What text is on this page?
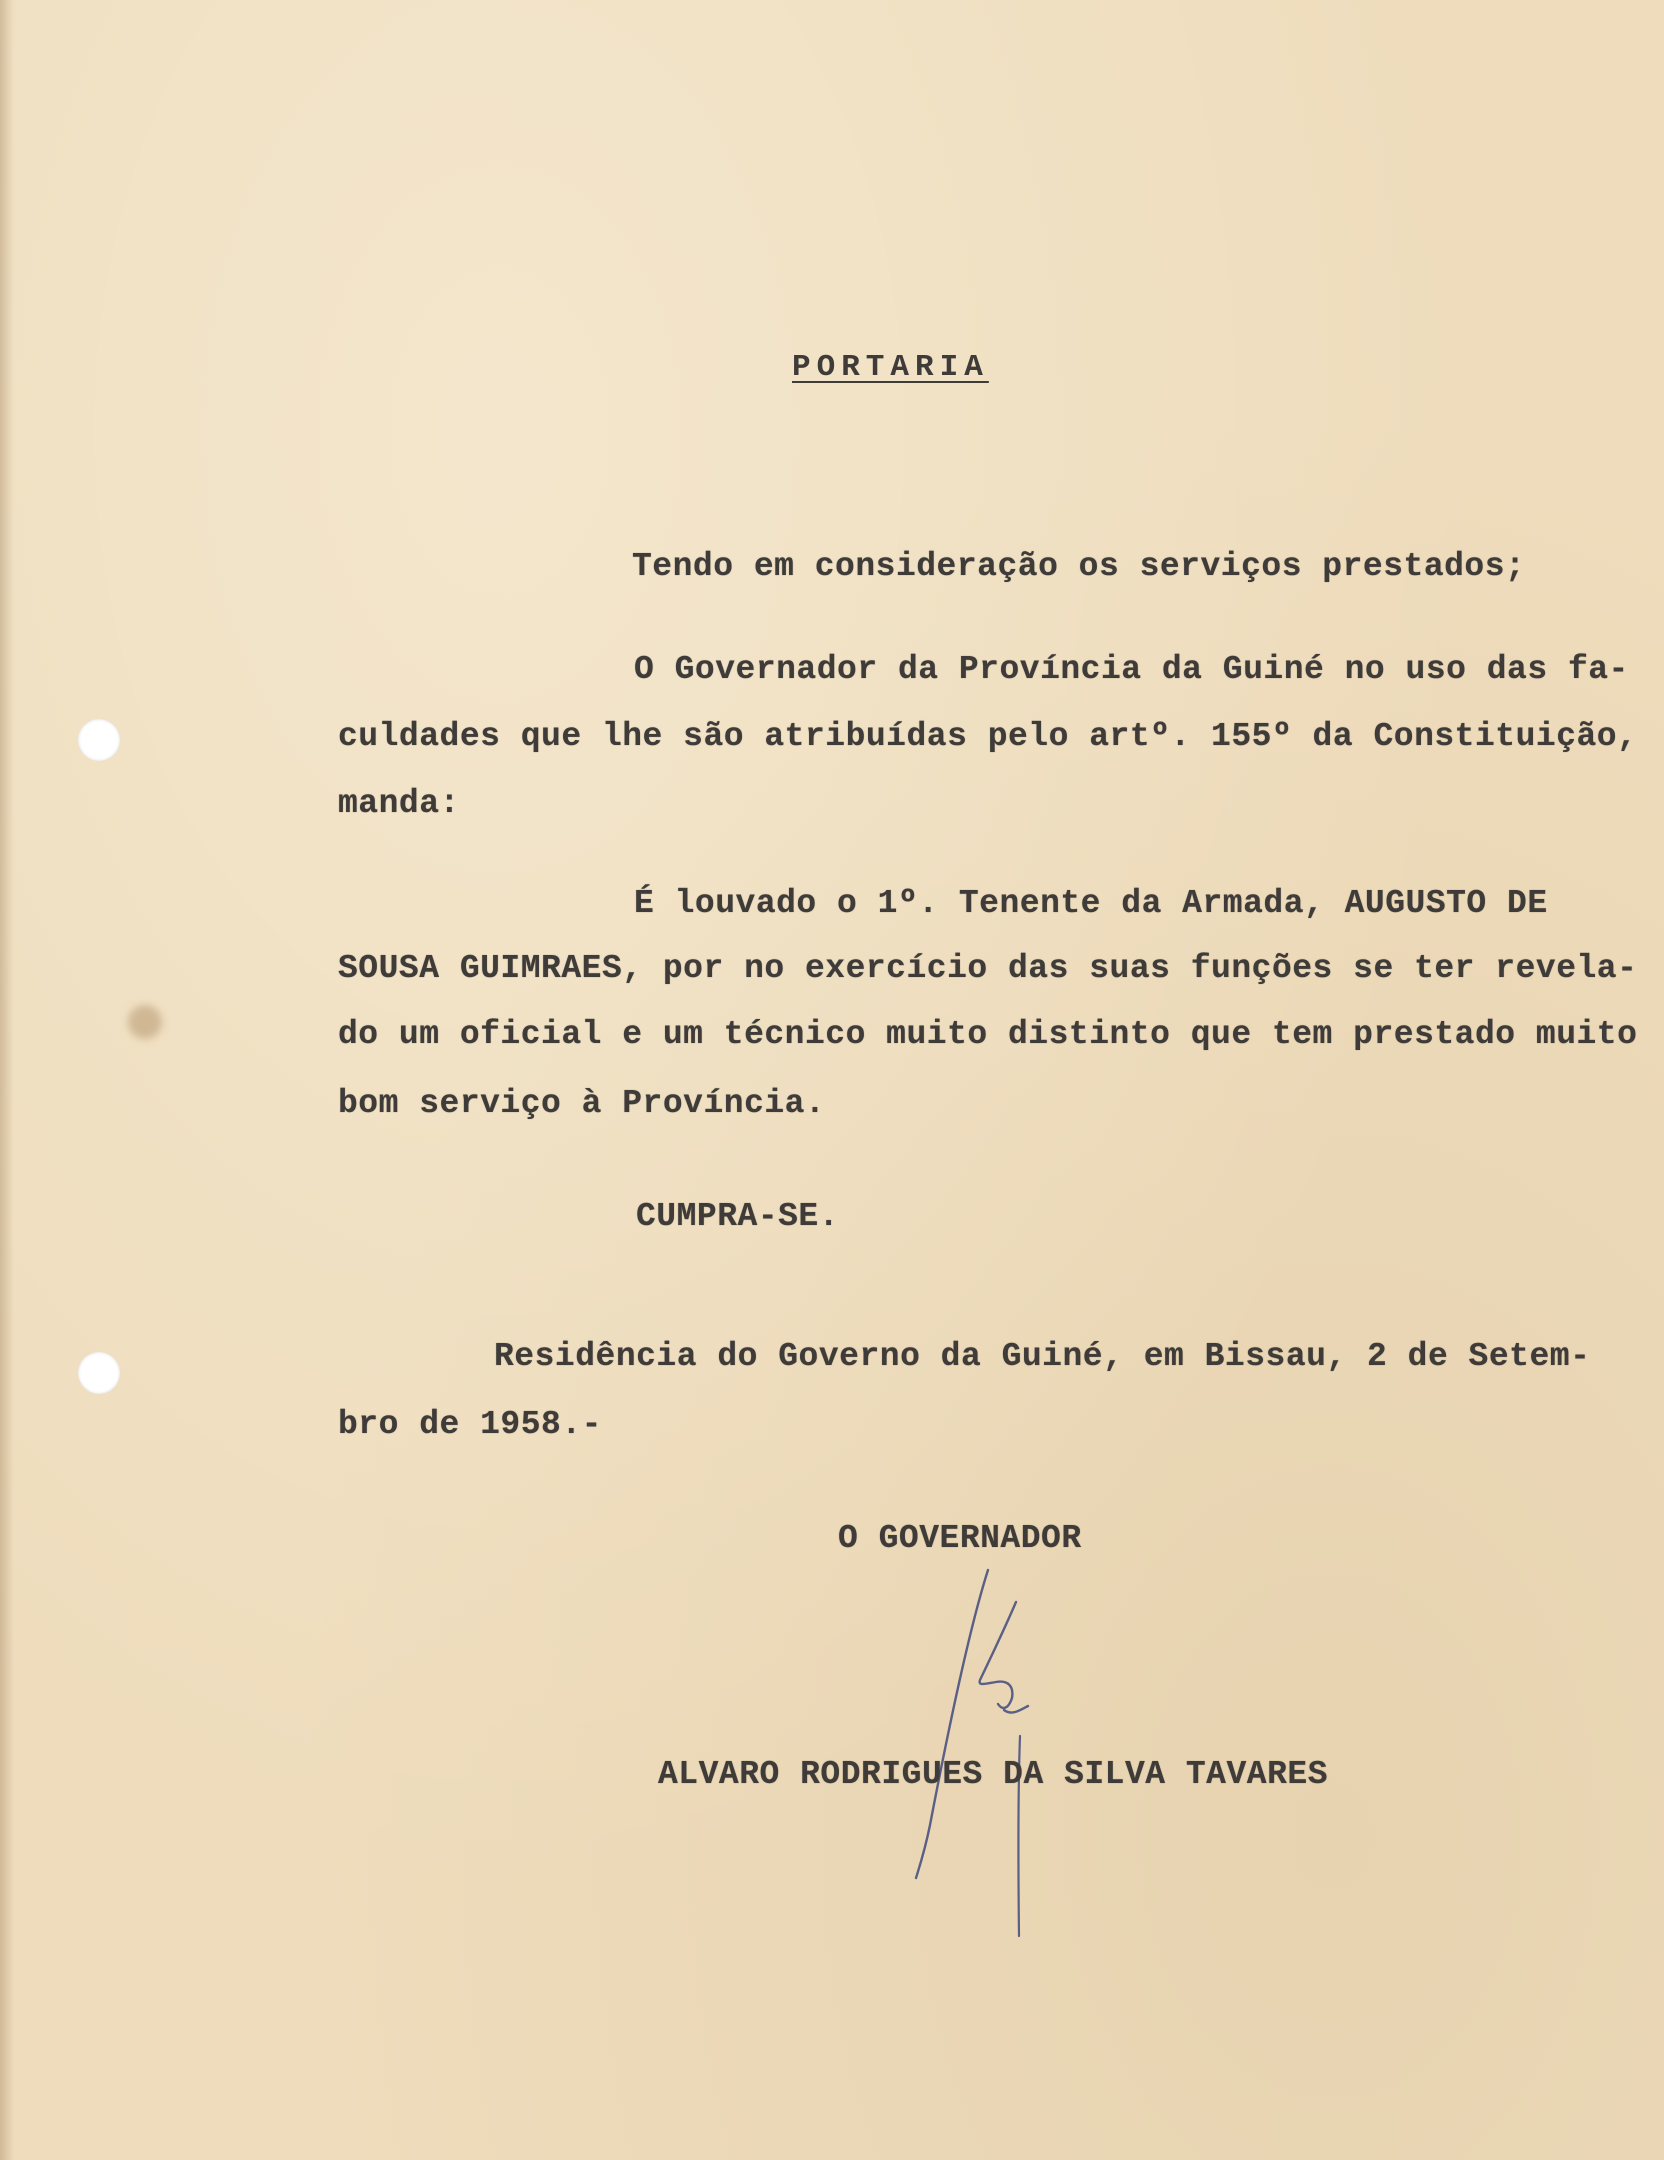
PORTARIA
Tendo em consideração os serviços prestados;
O Governador da Província da Guiné no uso das fa-
culdades que lhe são atribuídas pelo artº. 155º da Constituição,
manda:
É louvado o 1º. Tenente da Armada, AUGUSTO DE
SOUSA GUIMRAES, por no exercício das suas funções se ter revela-
do um oficial e um técnico muito distinto que tem prestado muito
bom serviço à Província.
CUMPRA-SE.
Residência do Governo da Guiné, em Bissau, 2 de Setem-
bro de 1958.-
O GOVERNADOR
ALVARO RODRIGUES DA SILVA TAVARES
